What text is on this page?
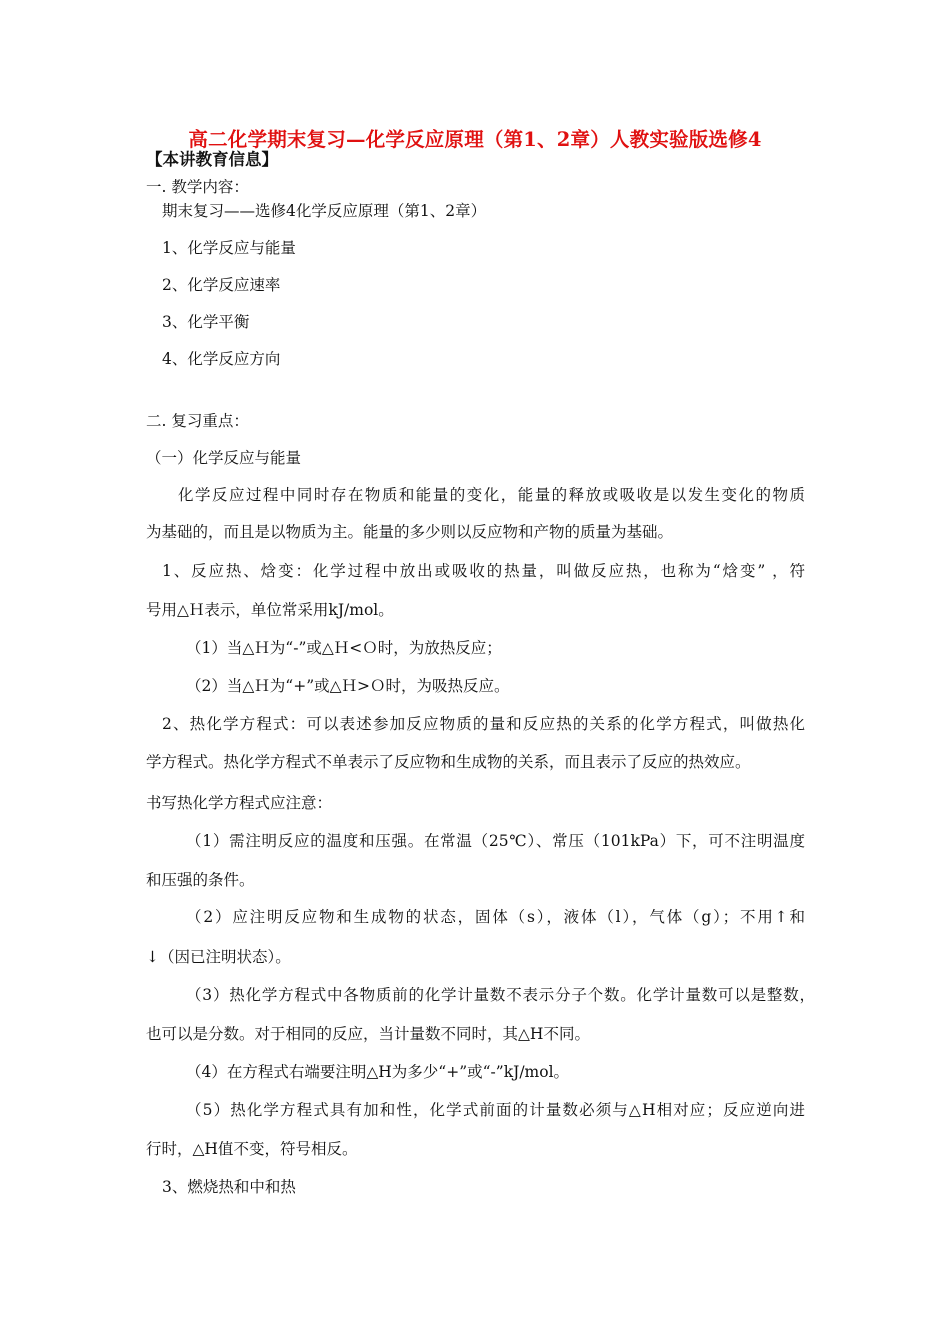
高二化学期末复习—化学反应原理（第1、2章）人教实验版选修4
【本讲教育信息】
一. 教学内容：
期末复习——选修4化学反应原理（第1、2章）
1、化学反应与能量
2、化学反应速率
3、化学平衡
4、化学反应方向
二. 复习重点：
（一）化学反应与能量
化学反应过程中同时存在物质和能量的变化，能量的释放或吸收是以发生变化的物质
为基础的，而且是以物质为主。能量的多少则以反应物和产物的质量为基础。
1、反应热、焓变：化学过程中放出或吸收的热量，叫做反应热，也称为“焓变” ，符
号用△Ｈ表示，单位常采用kJ/mol。
（1）当△Ｈ为“-”或△Ｈ<Ｏ时，为放热反应；
（2）当△Ｈ为“+”或△Ｈ>Ｏ时，为吸热反应。
2、热化学方程式：可以表述参加反应物质的量和反应热的关系的化学方程式，叫做热化
学方程式。热化学方程式不单表示了反应物和生成物的关系，而且表示了反应的热效应。
书写热化学方程式应注意：
（1）需注明反应的温度和压强。在常温（25℃）、常压（101kPa）下，可不注明温度
和压强的条件。
（2）应注明反应物和生成物的状态，固体（s），液体（l），气体（g）；不用↑和
↓（因已注明状态）。
（3）热化学方程式中各物质前的化学计量数不表示分子个数。化学计量数可以是整数，
也可以是分数。对于相同的反应，当计量数不同时，其△H不同。
（4）在方程式右端要注明△H为多少“+”或“-”kJ/mol。
（5）热化学方程式具有加和性，化学式前面的计量数必须与△H相对应；反应逆向进
行时，△H值不变，符号相反。
3、燃烧热和中和热
